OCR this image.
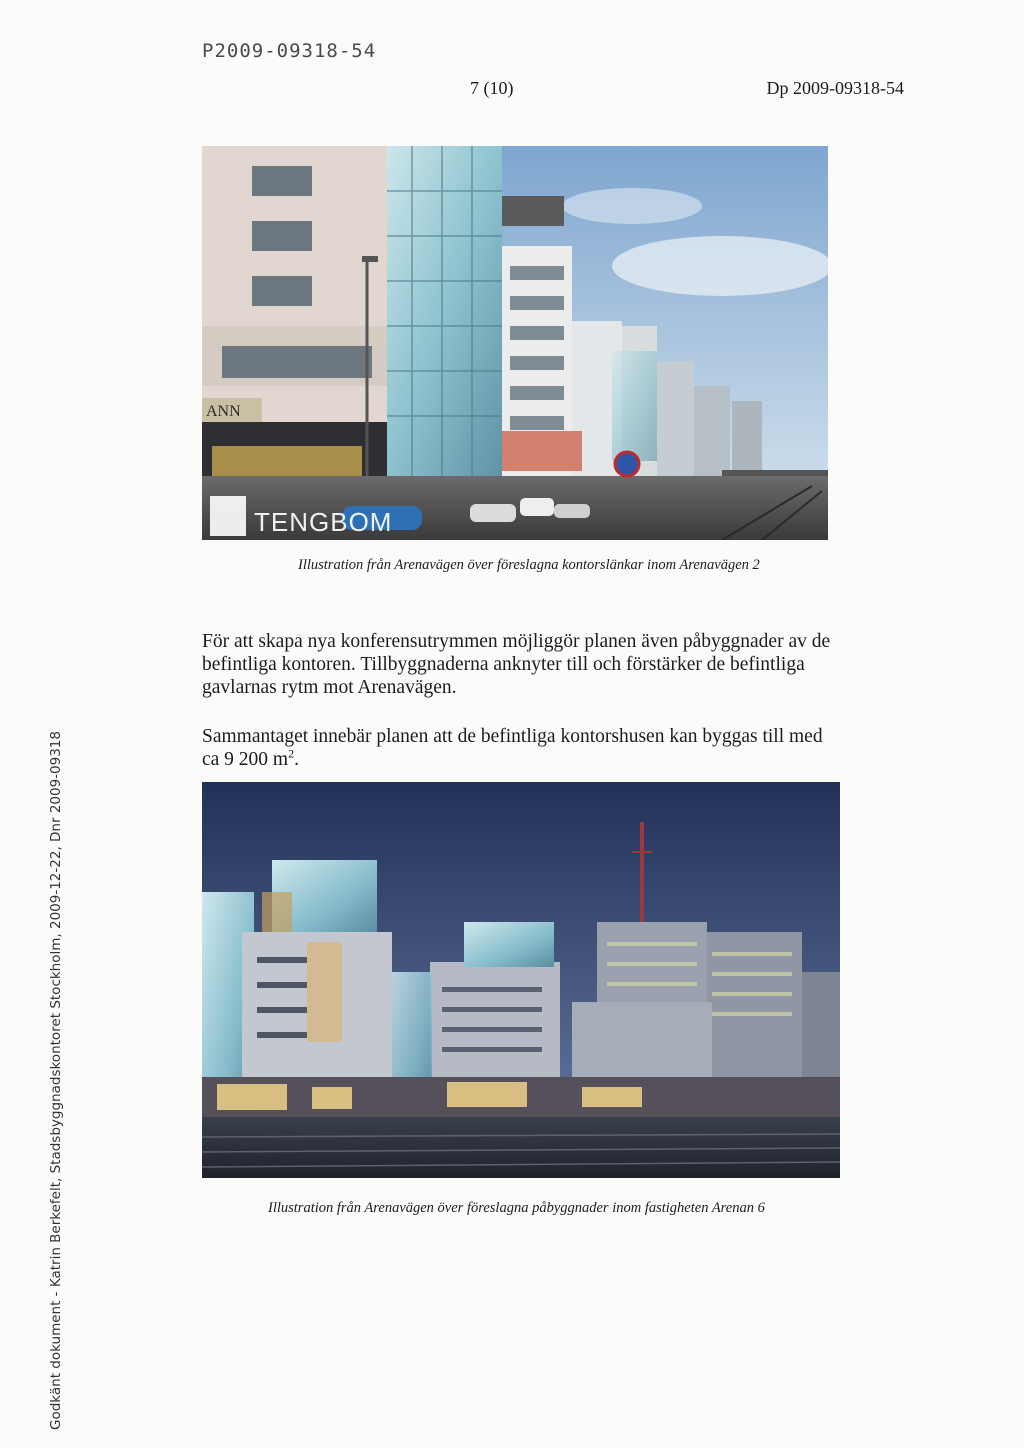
P2009-09318-54
7 (10)	Dp 2009-09318-54
ANN
TENGBOM
Illustration från Arenavägen över föreslagna kontorslänkar inom Arenavägen 2

För att skapa nya konferensutrymmen möjliggör planen även påbyggnader av de befintliga kontoren. Tillbyggnaderna anknyter till och förstärker de befintliga gavlarnas rytm mot Arenavägen.

Sammantaget innebär planen att de befintliga kontorshusen kan byggas till med ca 9 200 $m^2$.

Illustration från Arenavägen över föreslagna påbyggnader inom fastigheten Arenan 6
Godkänt dokument - Katrin Berkefelt, Stadsbyggnadskontoret Stockholm, 2009-12-22, Dnr 2009-09318
